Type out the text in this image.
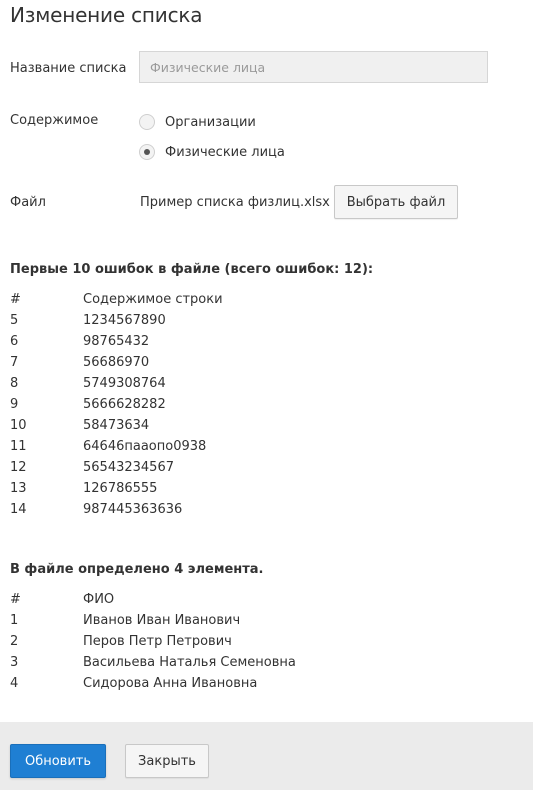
Изменение списка
Название списка
Физические лица
Содержимое	Организации
Физические лица
Файл	Пример списка физлиц.xlsx	Выбрать файл
Первые 10 ошибок в файле (всего ошибок: 12):
#	Содержимое строки
5	1234567890
6	98765432
7	56686970
8	5749308764
9	5666628282
10	58473634
11	64646паaопо0938
12	56543234567
13	126786555
14	987445363636
В файле определено 4 элемента.
#	ФИО
1	Иванов Иван Иванович
2	Перов Петр Петрович
3	Васильева Наталья Семеновна
4	Сидорова Анна Ивановна
Обновить	Закрыть
